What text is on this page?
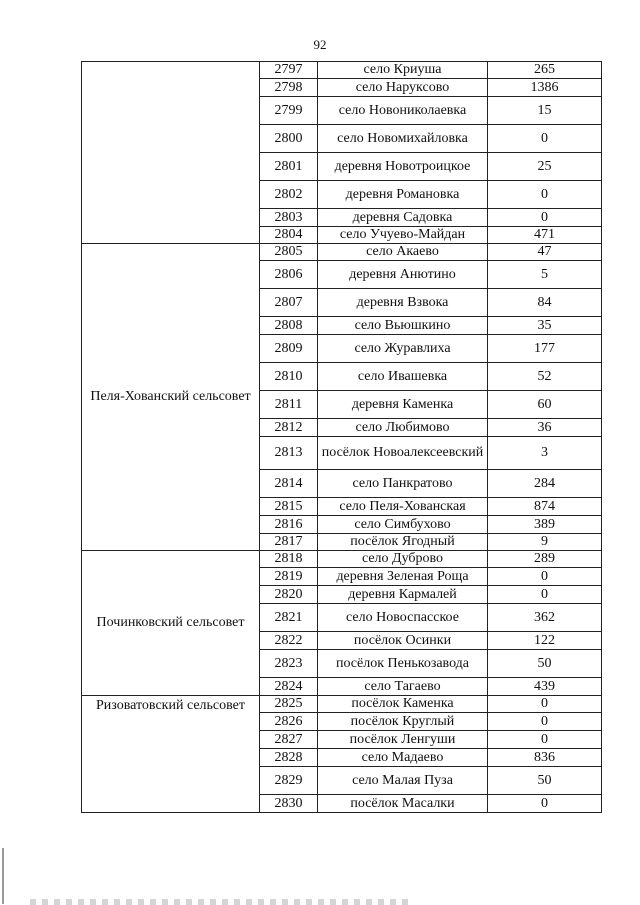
92
	2797	село Криуша	265
	2798	село Наруксово	1386
	2799	село Новониколаевка	15
	2800	село Новомихайловка	0
	2801	деревня Новотроицкое	25
	2802	деревня Романовка	0
	2803	деревня Садовка	0
	2804	село Учуево-Майдан	471
Пеля-Хованский сельсовет	2805	село Акаево	47
	2806	деревня Анютино	5
	2807	деревня Взвока	84
	2808	село Вьюшкино	35
	2809	село Журавлиха	177
	2810	село Ивашевка	52
	2811	деревня Каменка	60
	2812	село Любимово	36
	2813	посёлок Новоалексеевский	3
	2814	село Панкратово	284
	2815	село Пеля-Хованская	874
	2816	село Симбухово	389
	2817	посёлок Ягодный	9
Починковский сельсовет	2818	село Дуброво	289
	2819	деревня Зеленая Роща	0
	2820	деревня Кармалей	0
	2821	село Новоспасское	362
	2822	посёлок Осинки	122
	2823	посёлок Пенькозавода	50
	2824	село Тагаево	439
Ризоватовский сельсовет	2825	посёлок Каменка	0
	2826	посёлок Круглый	0
	2827	посёлок Ленгуши	0
	2828	село Мадаево	836
	2829	село Малая Пуза	50
	2830	посёлок Масалки	0
